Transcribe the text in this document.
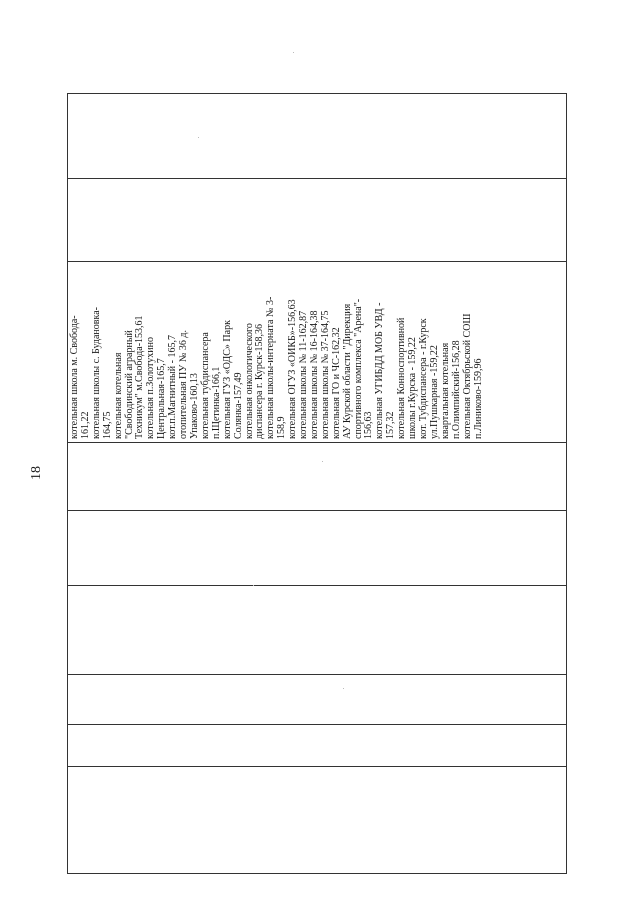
18
котельная школа м. Свобода- 161,22 котельная школы с. Будановка- 164,75 котельная котельная "Свободинский аграрный Техникум" м.Свобода-153,61 котельная п.Золотухино Центральная-165,7 кот.п.Магнитный - 165,7 отопительная ПУ № 36 д. Упаково-160,13 котельная тубдиспансера п.Щетинка-166,1 котельная ГУЗ «ОДС» Парк Солянка-157,49 котельная онкологического диспансера г. Курск-158,36 котельная школы-интерната № 3- 158,9 котельная ОГУЗ «ОИКБ»-156,63 котельная школы № 11-162,87 котельная школы № 16-164,38 котельная школы № 37-164,75 котельная ГО и ЧС-162,32 АУ Курской области "Дирекция спортивного комплекса "Арена"- 156,63 котельная УГИБДД МОБ УВД - 157,32 котельная Конноспортивной школы г.Курска - 159,22 кот. Тубдиспансера - г.Курск ул.Пушкарная -159,22 квартальная котельная п.Олимпийский-156,28 котельная Октябрьской СОШ п.Линиково-159,96
